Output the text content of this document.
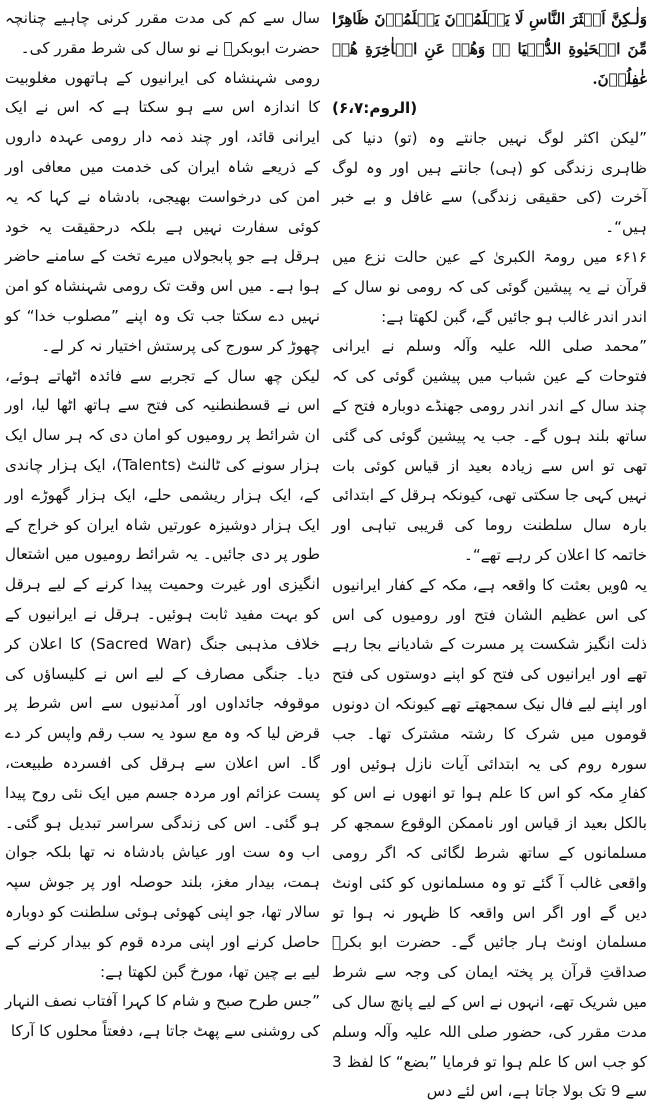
وَلٰـكِنَّ اَكۡثَرَ النَّاسِ لَا يَعۡلَمُوۡنَ يَعۡلَمُوۡنَ ظَاهِرًا مِّنَ الۡحَيٰوةِ الدُّنۡيَا ۖۚ وَهُمۡ عَنِ الۡاٰخِرَةِ هُمۡ غٰفِلُوۡنَ.

(الروم:۶،۷)

”لیکن اکثر لوگ نہیں جانتے وہ (تو) دنیا کی ظاہری زندگی کو (ہی) جانتے ہیں اور وہ لوگ آخرت (کی حقیقی زندگی) سے غافل و بے خبر ہیں“۔

۶۱۶ء میں رومۃ الکبریٰ کے عین حالت نزع میں قرآن نے یہ پیشین گوئی کی کہ رومی نو سال کے اندر اندر غالب ہو جائیں گے، گبن لکھتا ہے:

”محمد صلی اللہ علیہ وآلہ وسلم نے ایرانی فتوحات کے عین شباب میں پیشین گوئی کی کہ چند سال کے اندر اندر رومی جھنڈے دوبارہ فتح کے ساتھ بلند ہوں گے۔ جب یہ پیشین گوئی کی گئی تھی تو اس سے زیادہ بعید از قیاس کوئی بات نہیں کہی جا سکتی تھی، کیونکہ ہرقل کے ابتدائی بارہ سال سلطنت روما کی قریبی تباہی اور خاتمہ کا اعلان کر رہے تھے“۔

یہ ۵ویں بعثت کا واقعہ ہے، مکہ کے کفار ایرانیوں کی اس عظیم الشان فتح اور رومیوں کی اس ذلت انگیز شکست پر مسرت کے شادیانے بجا رہے تھے اور ایرانیوں کی فتح کو اپنے دوستوں کی فتح اور اپنے لیے فال نیک سمجھتے تھے کیونکہ ان دونوں قوموں میں شرک کا رشتہ مشترک تھا۔ جب سورہ روم کی یہ ابتدائی آیات نازل ہوئیں اور کفارِ مکہ کو اس کا علم ہوا تو انھوں نے اس کو بالکل بعید از قیاس اور ناممکن الوقوع سمجھ کر مسلمانوں کے ساتھ شرط لگائی کہ اگر رومی واقعی غالب آ گئے تو وہ مسلمانوں کو کئی اونٹ دیں گے اور اگر اس واقعہ کا ظہور نہ ہوا تو مسلمان اونٹ ہار جائیں گے۔ حضرت ابو بکرؓ صداقتِ قرآن پر پختہ ایمان کی وجہ سے شرط میں شریک تھے، انہوں نے اس کے لیے پانچ سال کی مدت مقرر کی، حضور صلی اللہ علیہ وآلہ وسلم کو جب اس کا علم ہوا تو فرمایا ”بضع“ کا لفظ 3 سے 9 تک بولا جاتا ہے، اس لئے دس

سال سے کم کی مدت مقرر کرنی چاہیے چنانچہ حضرت ابوبکرؓ نے نو سال کی شرط مقرر کی۔

رومی شہنشاہ کی ایرانیوں کے ہاتھوں مغلوبیت کا اندازہ اس سے ہو سکتا ہے کہ اس نے ایک ایرانی قائد، اور چند ذمہ دار رومی عہدہ داروں کے ذریعے شاہ ایران کی خدمت میں معافی اور امن کی درخواست بھیجی، بادشاہ نے کہا کہ یہ کوئی سفارت نہیں ہے بلکہ درحقیقت یہ خود ہرقل ہے جو پابجولاں میرے تخت کے سامنے حاضر ہوا ہے۔ میں اس وقت تک رومی شہنشاہ کو امن نہیں دے سکتا جب تک وہ اپنے ”مصلوب خدا“ کو چھوڑ کر سورج کی پرستش اختیار نہ کر لے۔

لیکن چھ سال کے تجربے سے فائدہ اٹھاتے ہوئے، اس نے قسطنطنیہ کی فتح سے ہاتھ اٹھا لیا، اور ان شرائط پر رومیوں کو امان دی کہ ہر سال ایک ہزار سونے کی ٹالنٹ (Talents)، ایک ہزار چاندی کے، ایک ہزار ریشمی حلے، ایک ہزار گھوڑے اور ایک ہزار دوشیزہ عورتیں شاہ ایران کو خراج کے طور پر دی جائیں۔ یہ شرائط رومیوں میں اشتعال انگیزی اور غیرت وحمیت پیدا کرنے کے لیے ہرقل کو بہت مفید ثابت ہوئیں۔ ہرقل نے ایرانیوں کے خلاف مذہبی جنگ (Sacred War) کا اعلان کر دیا۔ جنگی مصارف کے لیے اس نے کلیساؤں کی موقوفہ جائداوں اور آمدنیوں سے اس شرط پر قرض لیا کہ وہ مع سود یہ سب رقم واپس کر دے گا۔ اس اعلان سے ہرقل کی افسردہ طبیعت، پست عزائم اور مردہ جسم میں ایک نئی روح پیدا ہو گئی۔ اس کی زندگی سراسر تبدیل ہو گئی۔ اب وہ ست اور عیاش بادشاہ نہ تھا بلکہ جوان ہمت، بیدار مغز، بلند حوصلہ اور پر جوش سپہ سالار تھا، جو اپنی کھوئی ہوئی سلطنت کو دوبارہ حاصل کرنے اور اپنی مردہ قوم کو بیدار کرنے کے لیے بے چین تھا، مورخ گبن لکھتا ہے:

”جس طرح صبح و شام کا کہرا آفتاب نصف النہار کی روشنی سے پھٹ جاتا ہے، دفعتاً محلوں کا آرکا
